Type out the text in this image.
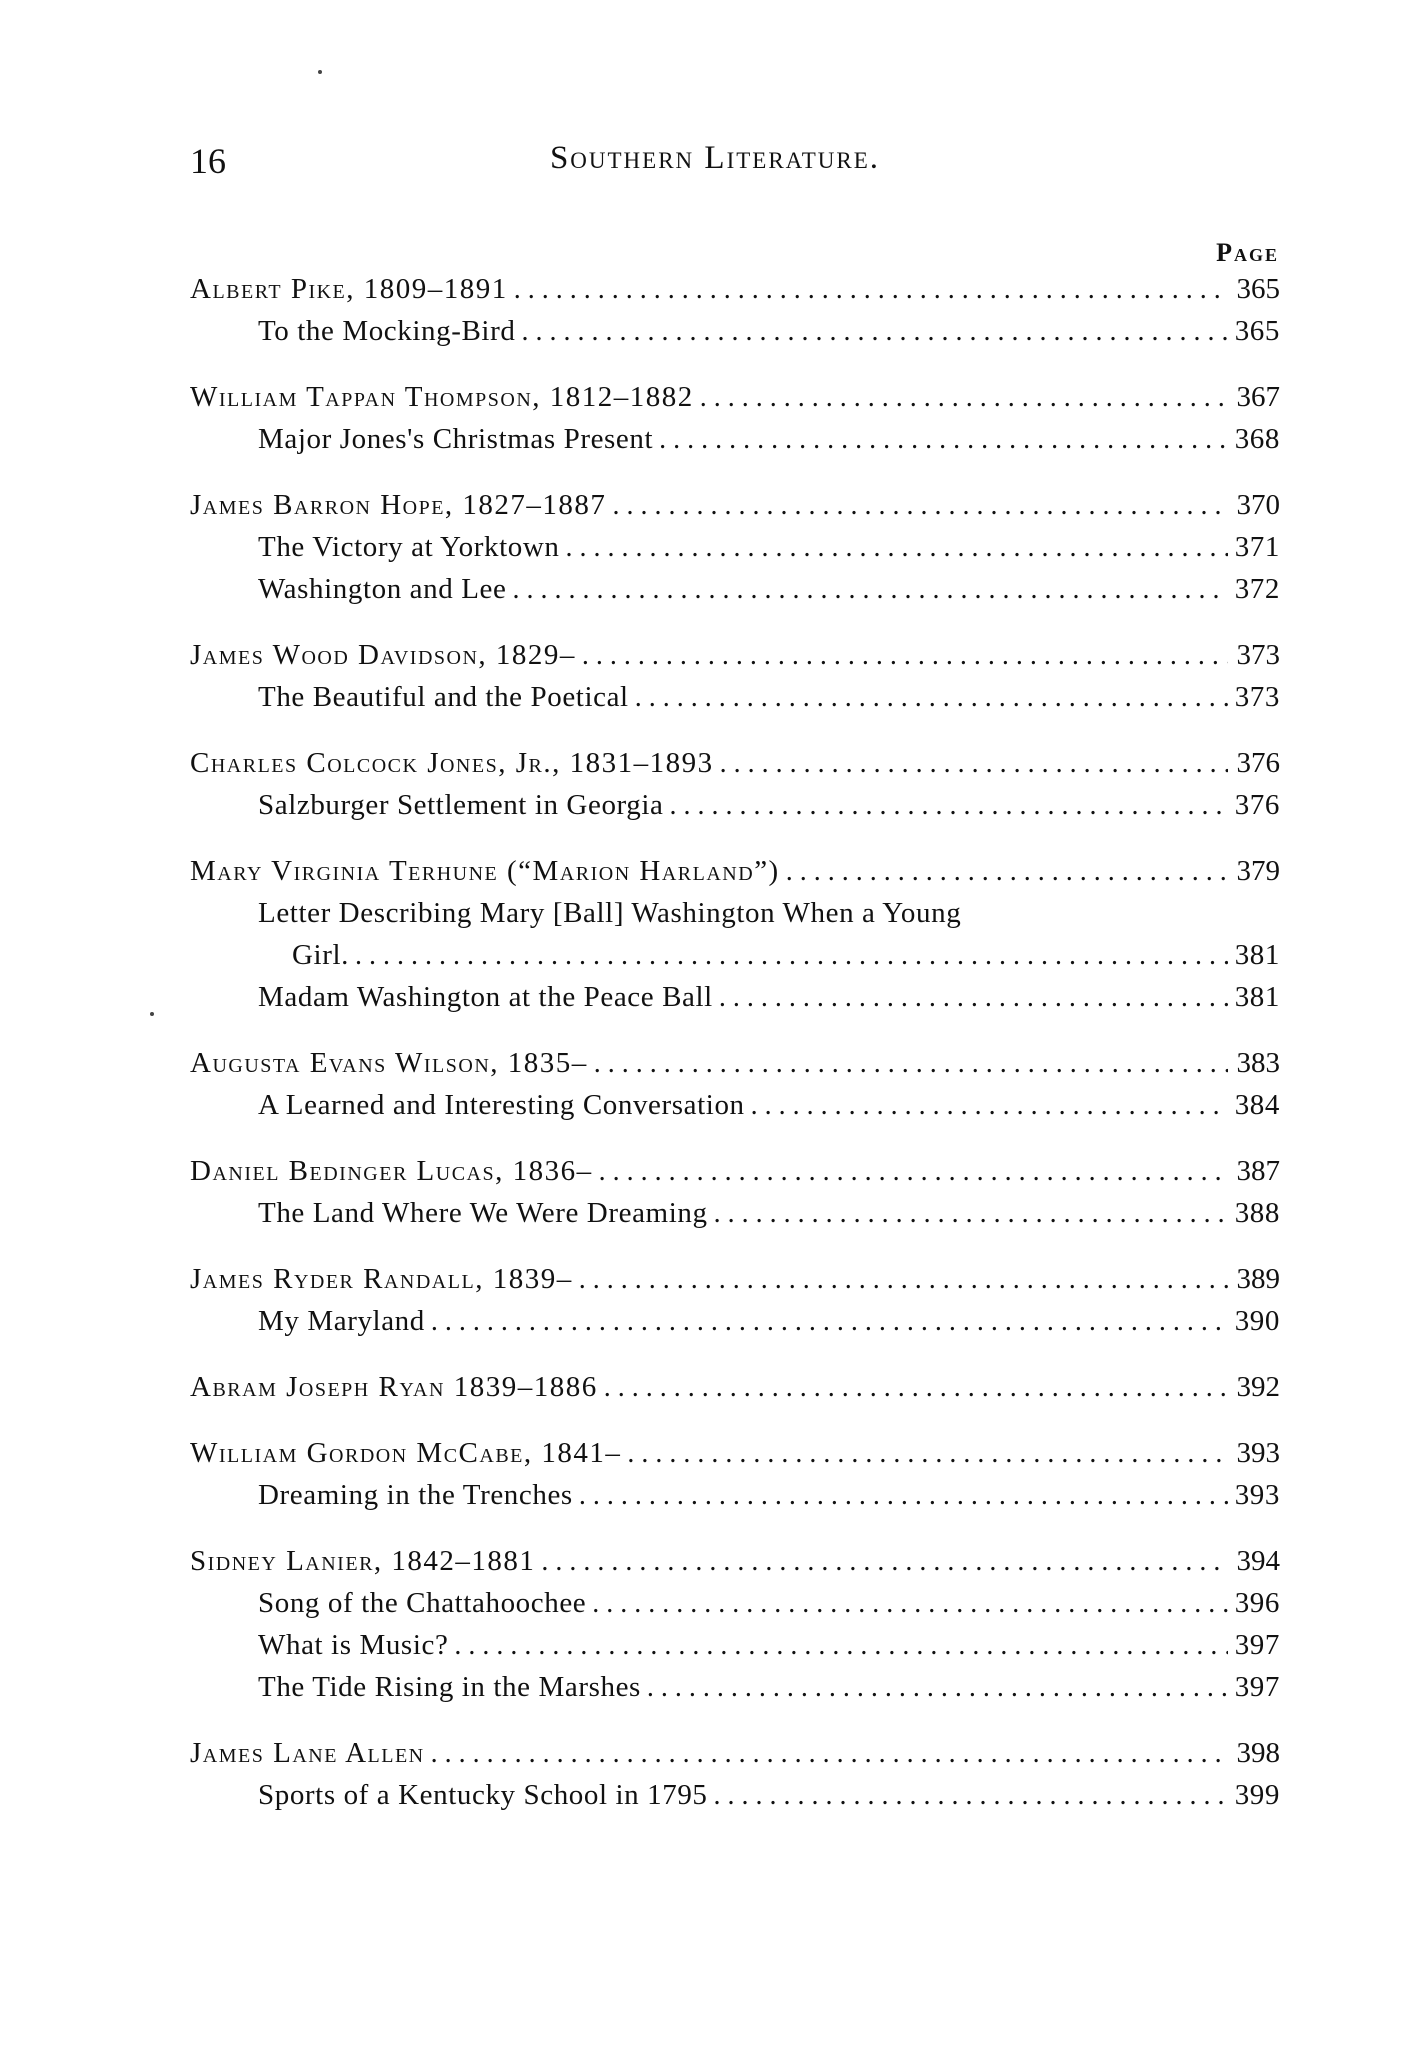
16	Southern Literature.
Page
Albert Pike, 1809–1891 . . .	365
To the Mocking-Bird . . .	365
William Tappan Thompson, 1812–1882 . . .	367
Major Jones's Christmas Present . . .	368
James Barron Hope, 1827–1887 . . .	370
The Victory at Yorktown . . .	371
Washington and Lee . . .	372
James Wood Davidson, 1829– . . .	373
The Beautiful and the Poetical . . .	373
Charles Colcock Jones, Jr., 1831–1893 . . .	376
Salzburger Settlement in Georgia . . .	376
Mary Virginia Terhune (“Marion Harland”) . . .	379
Letter Describing Mary [Ball] Washington When a Young
Girl. . . .	381
Madam Washington at the Peace Ball . . .	381
Augusta Evans Wilson, 1835– . . .	383
A Learned and Interesting Conversation . . .	384
Daniel Bedinger Lucas, 1836– . . .	387
The Land Where We Were Dreaming . . .	388
James Ryder Randall, 1839– . . .	389
My Maryland . . .	390
Abram Joseph Ryan 1839–1886 . . .	392
William Gordon McCabe, 1841– . . .	393
Dreaming in the Trenches . . .	393
Sidney Lanier, 1842–1881 . . .	394
Song of the Chattahoochee . . .	396
What is Music? . . .	397
The Tide Rising in the Marshes . . .	397
James Lane Allen . . .	398
Sports of a Kentucky School in 1795 . . .	399
